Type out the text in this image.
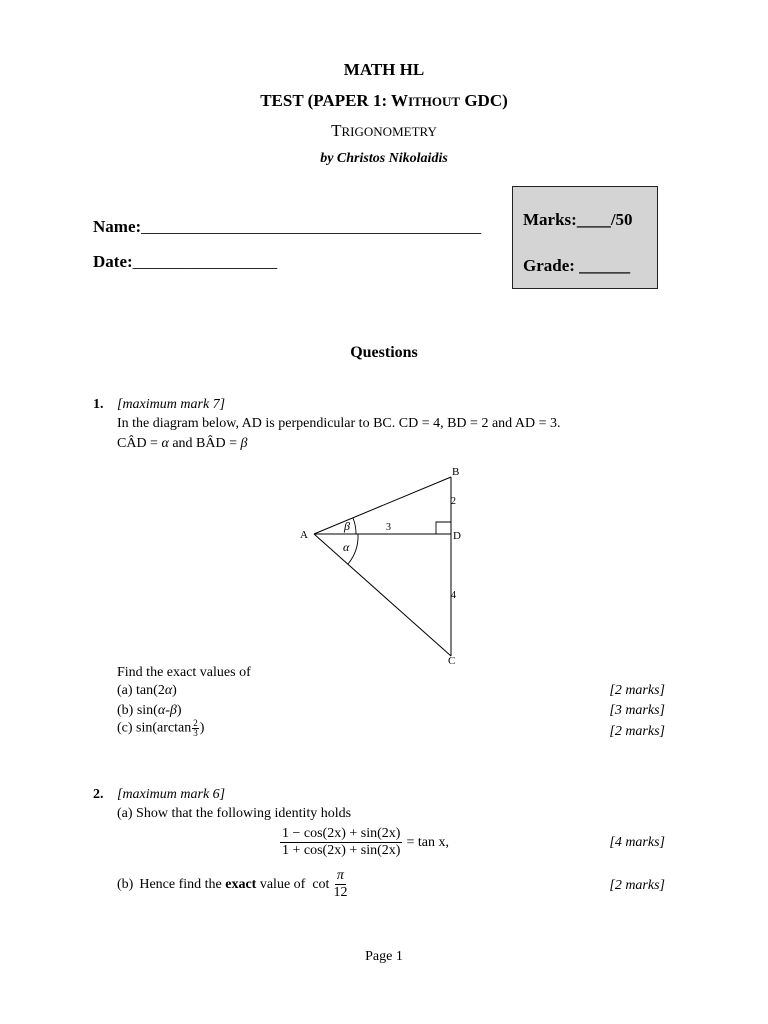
MATH HL
TEST (PAPER 1: WITHOUT GDC)
TRIGONOMETRY
by Christos Nikolaidis
Name:________________________________________
Date:_________________
Marks:____/50
Grade: ______
Questions
1. [maximum mark 7]
In the diagram below, AD is perpendicular to BC. CD = 4, BD = 2 and AD = 3.
CÂD = α and BÂD = β
A
B
C
D
2
3
4
β
α
Find the exact values of
(a) tan(2α)	[2 marks]
(b) sin(α-β)	[3 marks]
(c) $\sin(\arctan \frac{2}{3}$ )	[2 marks]
2. [maximum mark 6]
(a) Show that the following identity holds
$\frac{1 - \cos(2x) + \sin(2x)}{1 + \cos(2x) + \sin(2x)} = \tan x$,	[4 marks]
(b) Hence find the exact value of  $\cot \frac{\pi}{12}$	[2 marks]
Page 1
